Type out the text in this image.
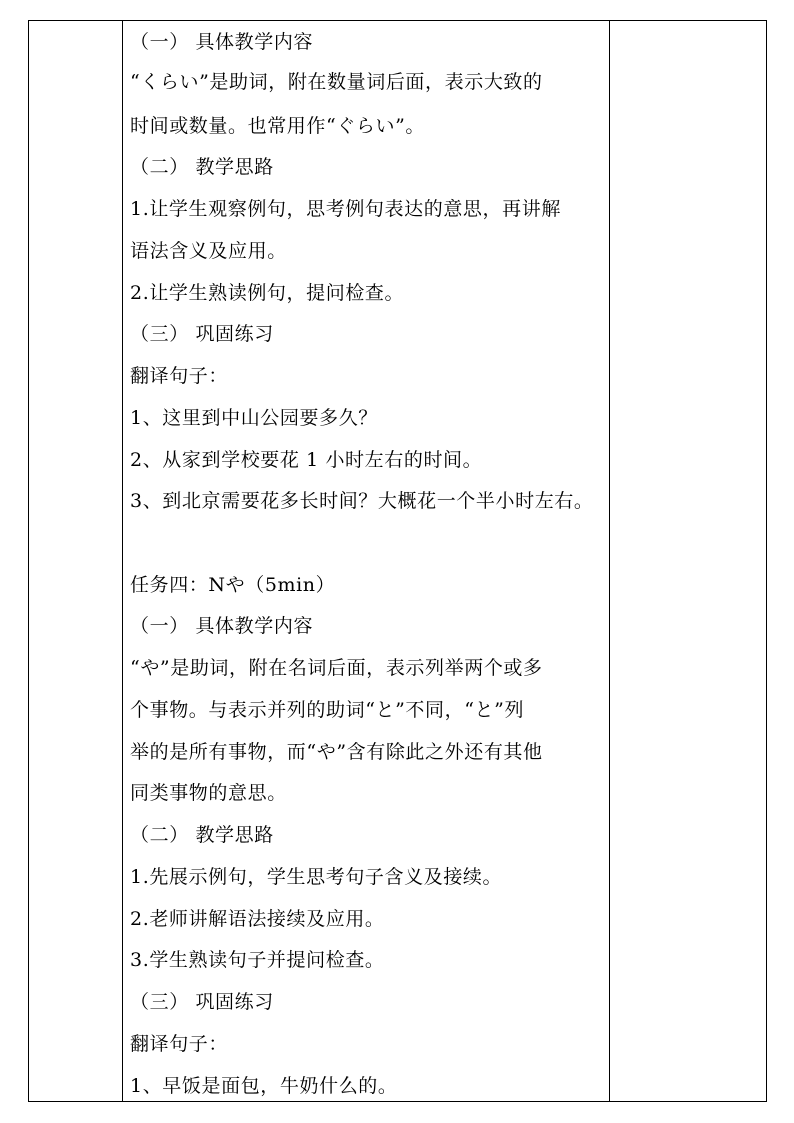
（一） 具体教学内容
“くらい”是助词，附在数量词后面，表示大致的
时间或数量。也常用作“ぐらい”。
（二） 教学思路
1.让学生观察例句，思考例句表达的意思，再讲解
语法含义及应用。
2.让学生熟读例句，提问检查。
（三） 巩固练习
翻译句子：
1、这里到中山公园要多久？
2、从家到学校要花 1 小时左右的时间。
3、到北京需要花多长时间？大概花一个半小时左右。
任务四：Nや（5min）
（一） 具体教学内容
“や”是助词，附在名词后面，表示列举两个或多
个事物。与表示并列的助词“と”不同，“と”列
举的是所有事物，而“や”含有除此之外还有其他
同类事物的意思。
（二） 教学思路
1.先展示例句，学生思考句子含义及接续。
2.老师讲解语法接续及应用。
3.学生熟读句子并提问检查。
（三） 巩固练习
翻译句子：
1、早饭是面包，牛奶什么的。
